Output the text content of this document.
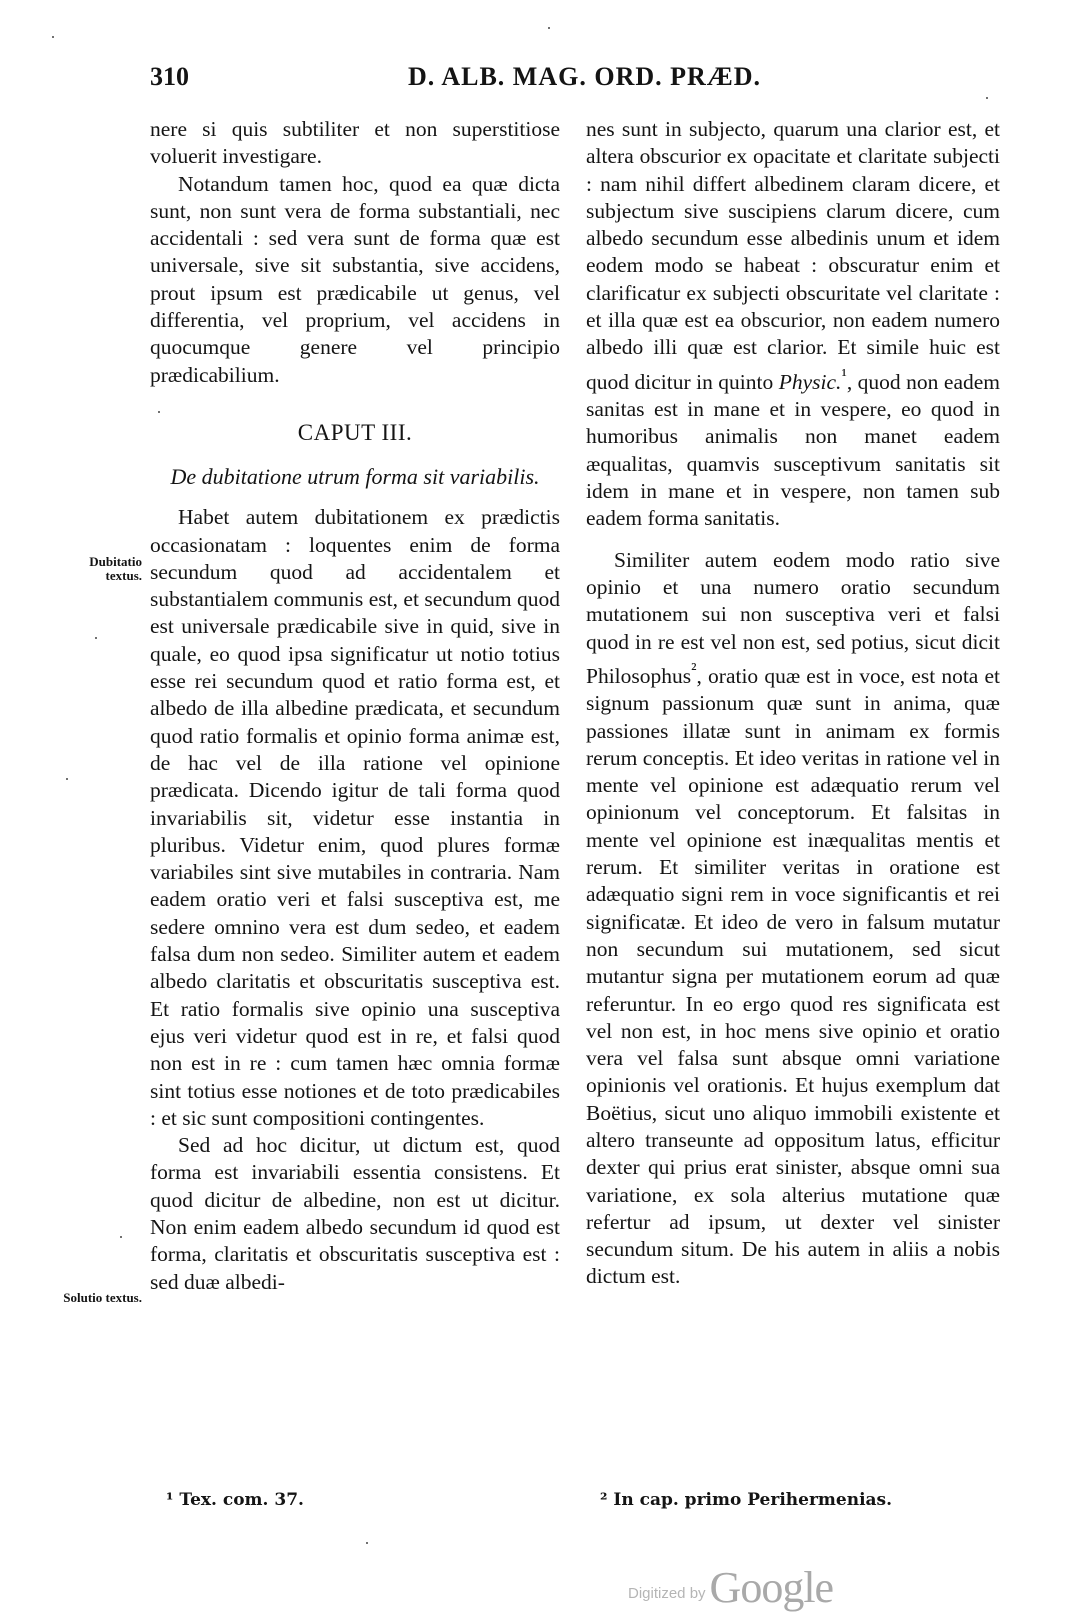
310	D. ALB. MAG. ORD. PRÆD.

nere si quis subtiliter et non superstitiose voluerit investigare.

Notandum tamen hoc, quod ea quæ dicta sunt, non sunt vera de forma substantiali, nec accidentali : sed vera sunt de forma quæ est universale, sive sit substantia, sive accidens, prout ipsum est prædicabile ut genus, vel differentia, vel proprium, vel accidens in quocumque genere vel principio prædicabilium.

CAPUT III.
De dubitatione utrum forma sit variabilis.

Habet autem dubitationem ex prædictis occasionatam : loquentes enim de forma secundum quod ad accidentalem et substantialem communis est, et secundum quod est universale prædicabile sive in quid, sive in quale, eo quod ipsa significatur ut notio totius esse rei secundum quod et ratio forma est, et albedo de illa albedine prædicata, et secundum quod ratio formalis et opinio forma animæ est, de hac vel de illa ratione vel opinione prædicata. Dicendo igitur de tali forma quod invariabilis sit, videtur esse instantia in pluribus. Videtur enim, quod plures formæ variabiles sint sive mutabiles in contraria. Nam eadem oratio veri et falsi susceptiva est, me sedere omnino vera est dum sedeo, et eadem falsa dum non sedeo. Similiter autem et eadem albedo claritatis et obscuritatis susceptiva est. Et ratio formalis sive opinio una susceptiva ejus veri videtur quod est in re, et falsi quod non est in re : cum tamen hæc omnia formæ sint totius esse notiones et de toto prædicabiles : et sic sunt compositioni contingentes.

Sed ad hoc dicitur, ut dictum est, quod forma est invariabili essentia consistens. Et quod dicitur de albedine, non est ut dicitur. Non enim eadem albedo secundum id quod est forma, claritatis et obscuritatis susceptiva est : sed duæ albedi-

nes sunt in subjecto, quarum una clarior est, et altera obscurior ex opacitate et claritate subjecti : nam nihil differt albedinem claram dicere, et subjectum sive suscipiens clarum dicere, cum albedo secundum esse albedinis unum et idem eodem modo se habeat : obscuratur enim et clarificatur ex subjecti obscuritate vel claritate : et illa quæ est ea obscurior, non eadem numero albedo illi quæ est clarior. Et simile huic est quod dicitur in quinto Physic.$^{^1}$, quod non eadem sanitas est in mane et in vespere, eo quod in humoribus animalis non manet eadem æqualitas, quamvis susceptivum sanitatis sit idem in mane et in vespere, non tamen sub eadem forma sanitatis.

Similiter autem eodem modo ratio sive opinio et una numero oratio secundum mutationem sui non susceptiva veri et falsi quod in re est vel non est, sed potius, sicut dicit Philosophus$^{^2}$, oratio quæ est in voce, est nota et signum passionum quæ sunt in anima, quæ passiones illatæ sunt in animam ex formis rerum conceptis. Et ideo veritas in ratione vel in mente vel opinione est adæquatio rerum vel opinionum vel conceptorum. Et falsitas in mente vel opinione est inæqualitas mentis et rerum. Et similiter veritas in oratione est adæquatio signi rem in voce significantis et rei significatæ. Et ideo de vero in falsum mutatur non secundum sui mutationem, sed sicut mutantur signa per mutationem eorum ad quæ referuntur. In eo ergo quod res significata est vel non est, in hoc mens sive opinio et oratio vera vel falsa sunt absque omni variatione opinionis vel orationis. Et hujus exemplum dat Boëtius, sicut uno aliquo immobili existente et altero transeunte ad oppositum latus, efficitur dexter qui prius erat sinister, absque omni sua variatione, ex sola alterius mutatione quæ refertur ad ipsum, ut dexter vel sinister secundum situm. De his autem in aliis a nobis dictum est.

Dubitatio textus.
Solutio textus.
¹ Tex. com. 37.	² In cap. primo Perihermenias.
Digitized by Google
